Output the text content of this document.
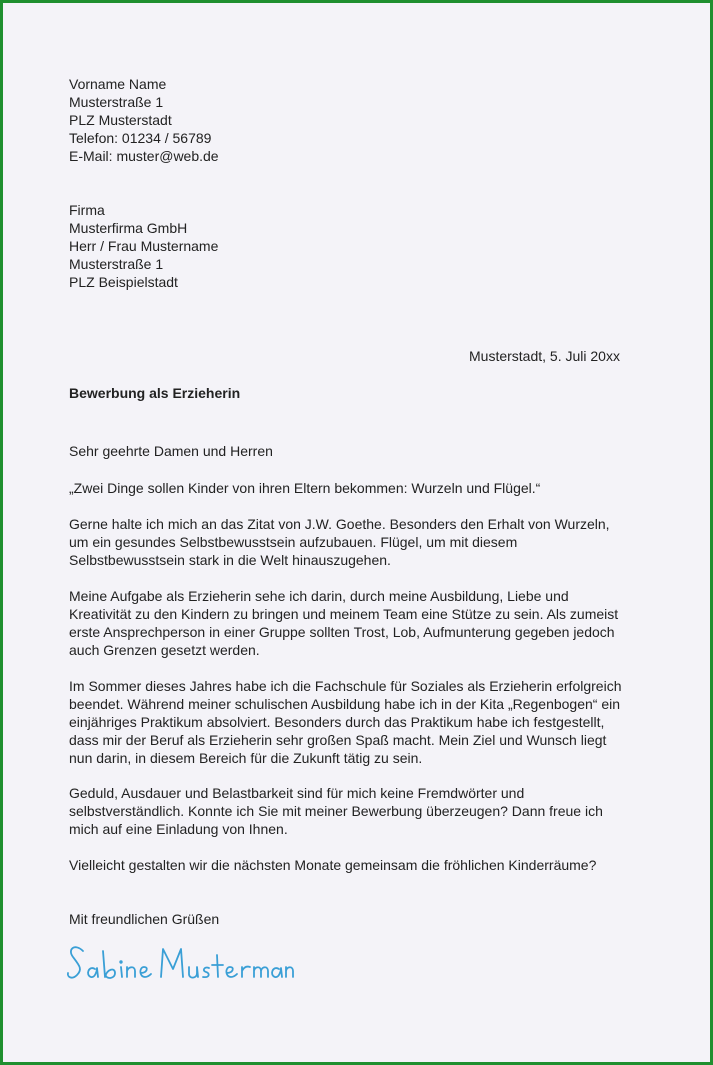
Vorname Name
Musterstraße 1
PLZ Musterstadt
Telefon: 01234 / 56789
E-Mail: muster@web.de
Firma
Musterfirma GmbH
Herr / Frau Mustername
Musterstraße 1
PLZ Beispielstadt
Musterstadt, 5. Juli 20xx
Bewerbung als Erzieherin
Sehr geehrte Damen und Herren
„Zwei Dinge sollen Kinder von ihren Eltern bekommen: Wurzeln und Flügel.“
Gerne halte ich mich an das Zitat von J.W. Goethe. Besonders den Erhalt von Wurzeln,
um ein gesundes Selbstbewusstsein aufzubauen. Flügel, um mit diesem
Selbstbewusstsein stark in die Welt hinauszugehen.
Meine Aufgabe als Erzieherin sehe ich darin, durch meine Ausbildung, Liebe und
Kreativität zu den Kindern zu bringen und meinem Team eine Stütze zu sein. Als zumeist
erste Ansprechperson in einer Gruppe sollten Trost, Lob, Aufmunterung gegeben jedoch
auch Grenzen gesetzt werden.
Im Sommer dieses Jahres habe ich die Fachschule für Soziales als Erzieherin erfolgreich
beendet. Während meiner schulischen Ausbildung habe ich in der Kita „Regenbogen“ ein
einjähriges Praktikum absolviert. Besonders durch das Praktikum habe ich festgestellt,
dass mir der Beruf als Erzieherin sehr großen Spaß macht. Mein Ziel und Wunsch liegt
nun darin, in diesem Bereich für die Zukunft tätig zu sein.
Geduld, Ausdauer und Belastbarkeit sind für mich keine Fremdwörter und
selbstverständlich. Konnte ich Sie mit meiner Bewerbung überzeugen? Dann freue ich
mich auf eine Einladung von Ihnen.
Vielleicht gestalten wir die nächsten Monate gemeinsam die fröhlichen Kinderräume?
Mit freundlichen Grüßen
